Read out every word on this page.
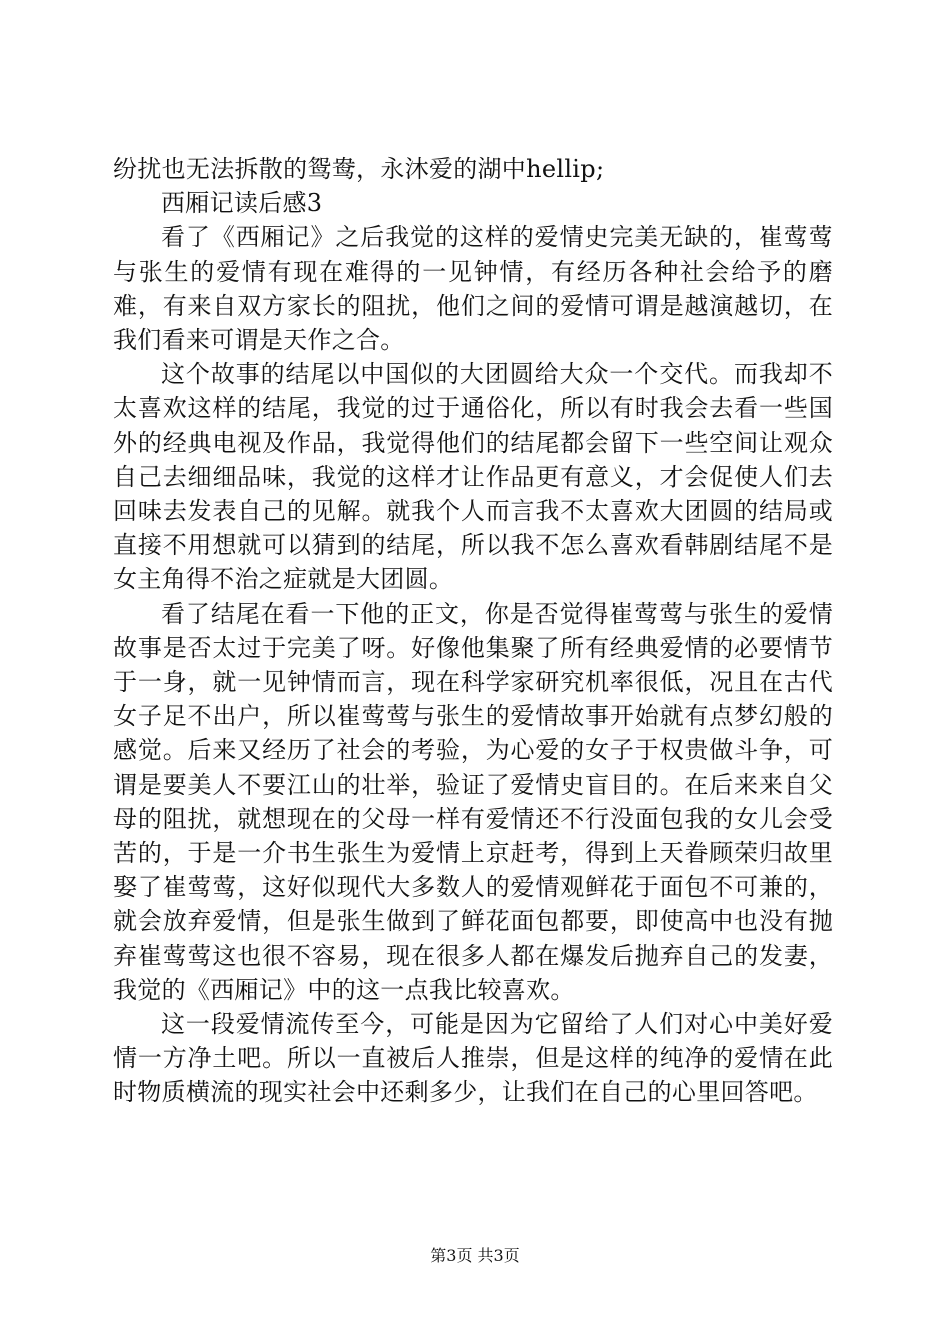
纷扰也无法拆散的鸳鸯，永沐爱的湖中hellip;

西厢记读后感3

看了《西厢记》之后我觉的这样的爱情史完美无缺的，崔莺莺与张生的爱情有现在难得的一见钟情，有经历各种社会给予的磨难，有来自双方家长的阻扰，他们之间的爱情可谓是越演越切，在我们看来可谓是天作之合。

这个故事的结尾以中国似的大团圆给大众一个交代。而我却不太喜欢这样的结尾，我觉的过于通俗化，所以有时我会去看一些国外的经典电视及作品，我觉得他们的结尾都会留下一些空间让观众自己去细细品味，我觉的这样才让作品更有意义，才会促使人们去回味去发表自己的见解。就我个人而言我不太喜欢大团圆的结局或直接不用想就可以猜到的结尾，所以我不怎么喜欢看韩剧结尾不是女主角得不治之症就是大团圆。

看了结尾在看一下他的正文，你是否觉得崔莺莺与张生的爱情故事是否太过于完美了呀。好像他集聚了所有经典爱情的必要情节于一身，就一见钟情而言，现在科学家研究机率很低，况且在古代女子足不出户，所以崔莺莺与张生的爱情故事开始就有点梦幻般的感觉。后来又经历了社会的考验，为心爱的女子于权贵做斗争，可谓是要美人不要江山的壮举，验证了爱情史盲目的。在后来来自父母的阻扰，就想现在的父母一样有爱情还不行没面包我的女儿会受苦的，于是一介书生张生为爱情上京赶考，得到上天眷顾荣归故里娶了崔莺莺，这好似现代大多数人的爱情观鲜花于面包不可兼的，就会放弃爱情，但是张生做到了鲜花面包都要，即使高中也没有抛弃崔莺莺这也很不容易，现在很多人都在爆发后抛弃自己的发妻，我觉的《西厢记》中的这一点我比较喜欢。

这一段爱情流传至今，可能是因为它留给了人们对心中美好爱情一方净土吧。所以一直被后人推崇，但是这样的纯净的爱情在此时物质横流的现实社会中还剩多少，让我们在自己的心里回答吧。

第3页 共3页
